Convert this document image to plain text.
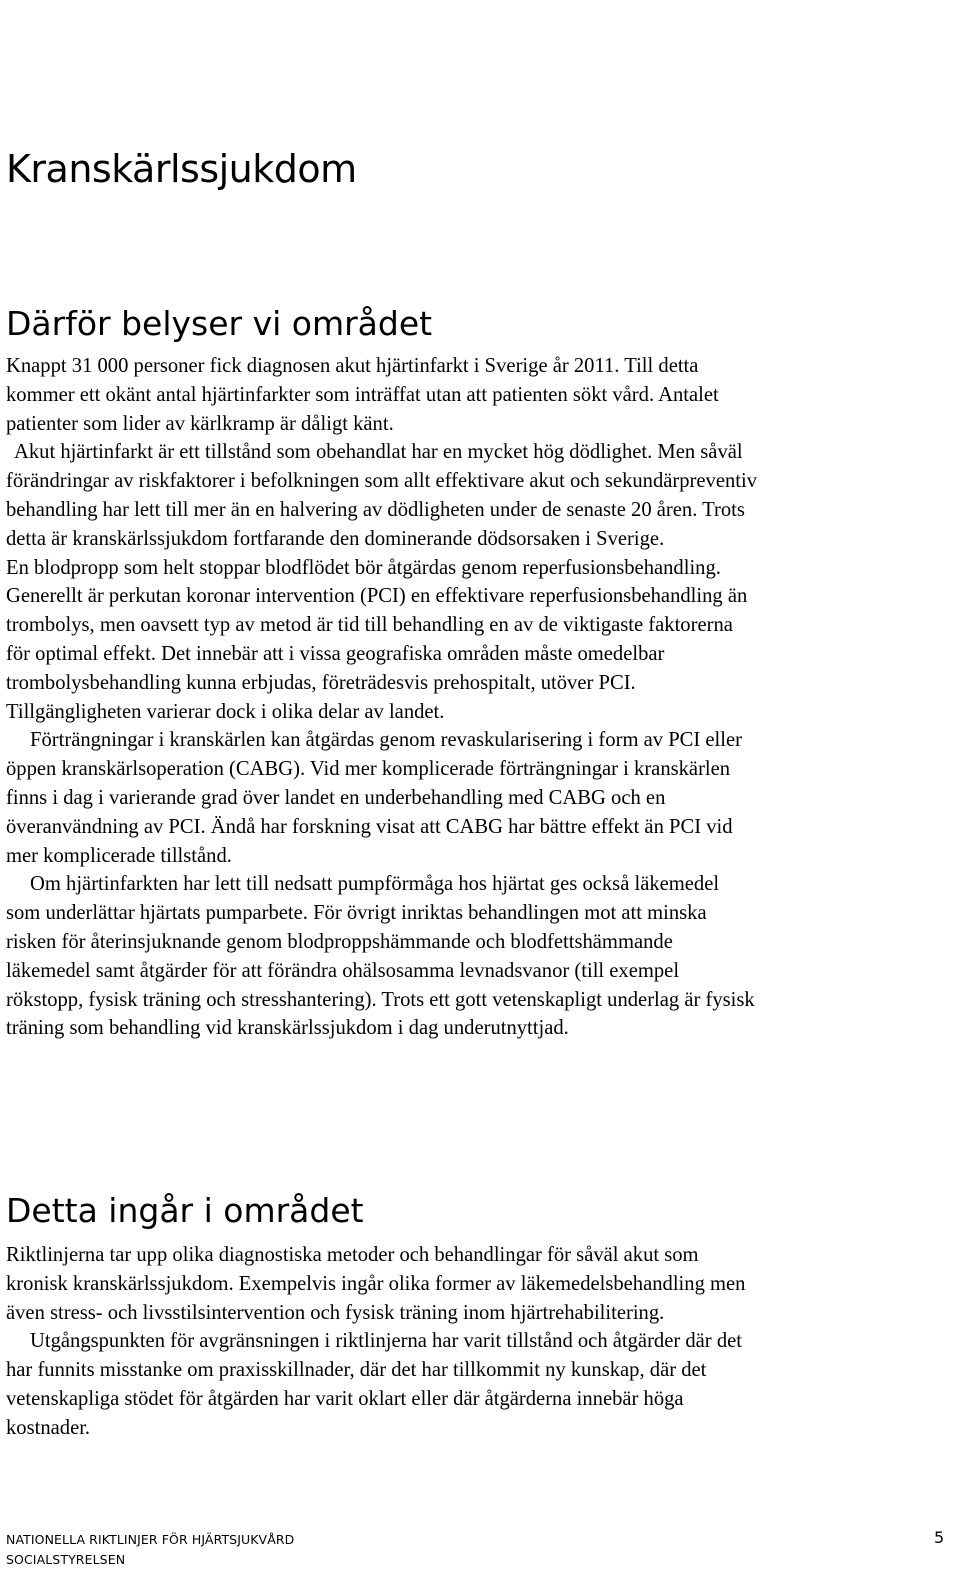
Kranskärlssjukdom
Därför belyser vi området

Knappt 31 000 personer fick diagnosen akut hjärtinfarkt i Sverige år 2011. Till detta kommer ett okänt antal hjärtinfarkter som inträffat utan att patienten sökt vård. Antalet patienter som lider av kärlkramp är dåligt känt.

Akut hjärtinfarkt är ett tillstånd som obehandlat har en mycket hög dödlighet. Men såväl förändringar av riskfaktorer i befolkningen som allt effektivare akut och sekundärpreventiv behandling har lett till mer än en halvering av dödligheten under de senaste 20 åren. Trots detta är kranskärlssjukdom fortfarande den dominerande dödsorsaken i Sverige.

En blodpropp som helt stoppar blodflödet bör åtgärdas genom reperfusionsbehandling. Generellt är perkutan koronar intervention (PCI) en effektivare reperfusionsbehandling än trombolys, men oavsett typ av metod är tid till behandling en av de viktigaste faktorerna för optimal effekt. Det innebär att i vissa geografiska områden måste omedelbar trombolysbehandling kunna erbjudas, företrädesvis prehospitalt, utöver PCI. Tillgängligheten varierar dock i olika delar av landet.

Förträngningar i kranskärlen kan åtgärdas genom revaskularisering i form av PCI eller öppen kranskärlsoperation (CABG). Vid mer komplicerade förträngningar i kranskärlen finns i dag i varierande grad över landet en underbehandling med CABG och en överanvändning av PCI. Ändå har forskning visat att CABG har bättre effekt än PCI vid mer komplicerade tillstånd.

Om hjärtinfarkten har lett till nedsatt pumpförmåga hos hjärtat ges också läkemedel som underlättar hjärtats pumparbete. För övrigt inriktas behandlingen mot att minska risken för återinsjuknande genom blodproppshämmande och blodfettshämmande läkemedel samt åtgärder för att förändra ohälsosamma levnadsvanor (till exempel rökstopp, fysisk träning och stresshantering). Trots ett gott vetenskapligt underlag är fysisk träning som behandling vid kranskärlssjukdom i dag underutnyttjad.

Detta ingår i området

Riktlinjerna tar upp olika diagnostiska metoder och behandlingar för såväl akut som kronisk kranskärlssjukdom. Exempelvis ingår olika former av läkemedelsbehandling men även stress- och livsstilsintervention och fysisk träning inom hjärtrehabilitering.

Utgångspunkten för avgränsningen i riktlinjerna har varit tillstånd och åtgärder där det har funnits misstanke om praxisskillnader, där det har tillkommit ny kunskap, där det vetenskapliga stödet för åtgärden har varit oklart eller där åtgärderna innebär höga kostnader.

NATIONELLA RIKTLINJER FÖR HJÄRTSJUKVÅRD
SOCIALSTYRELSEN
5
